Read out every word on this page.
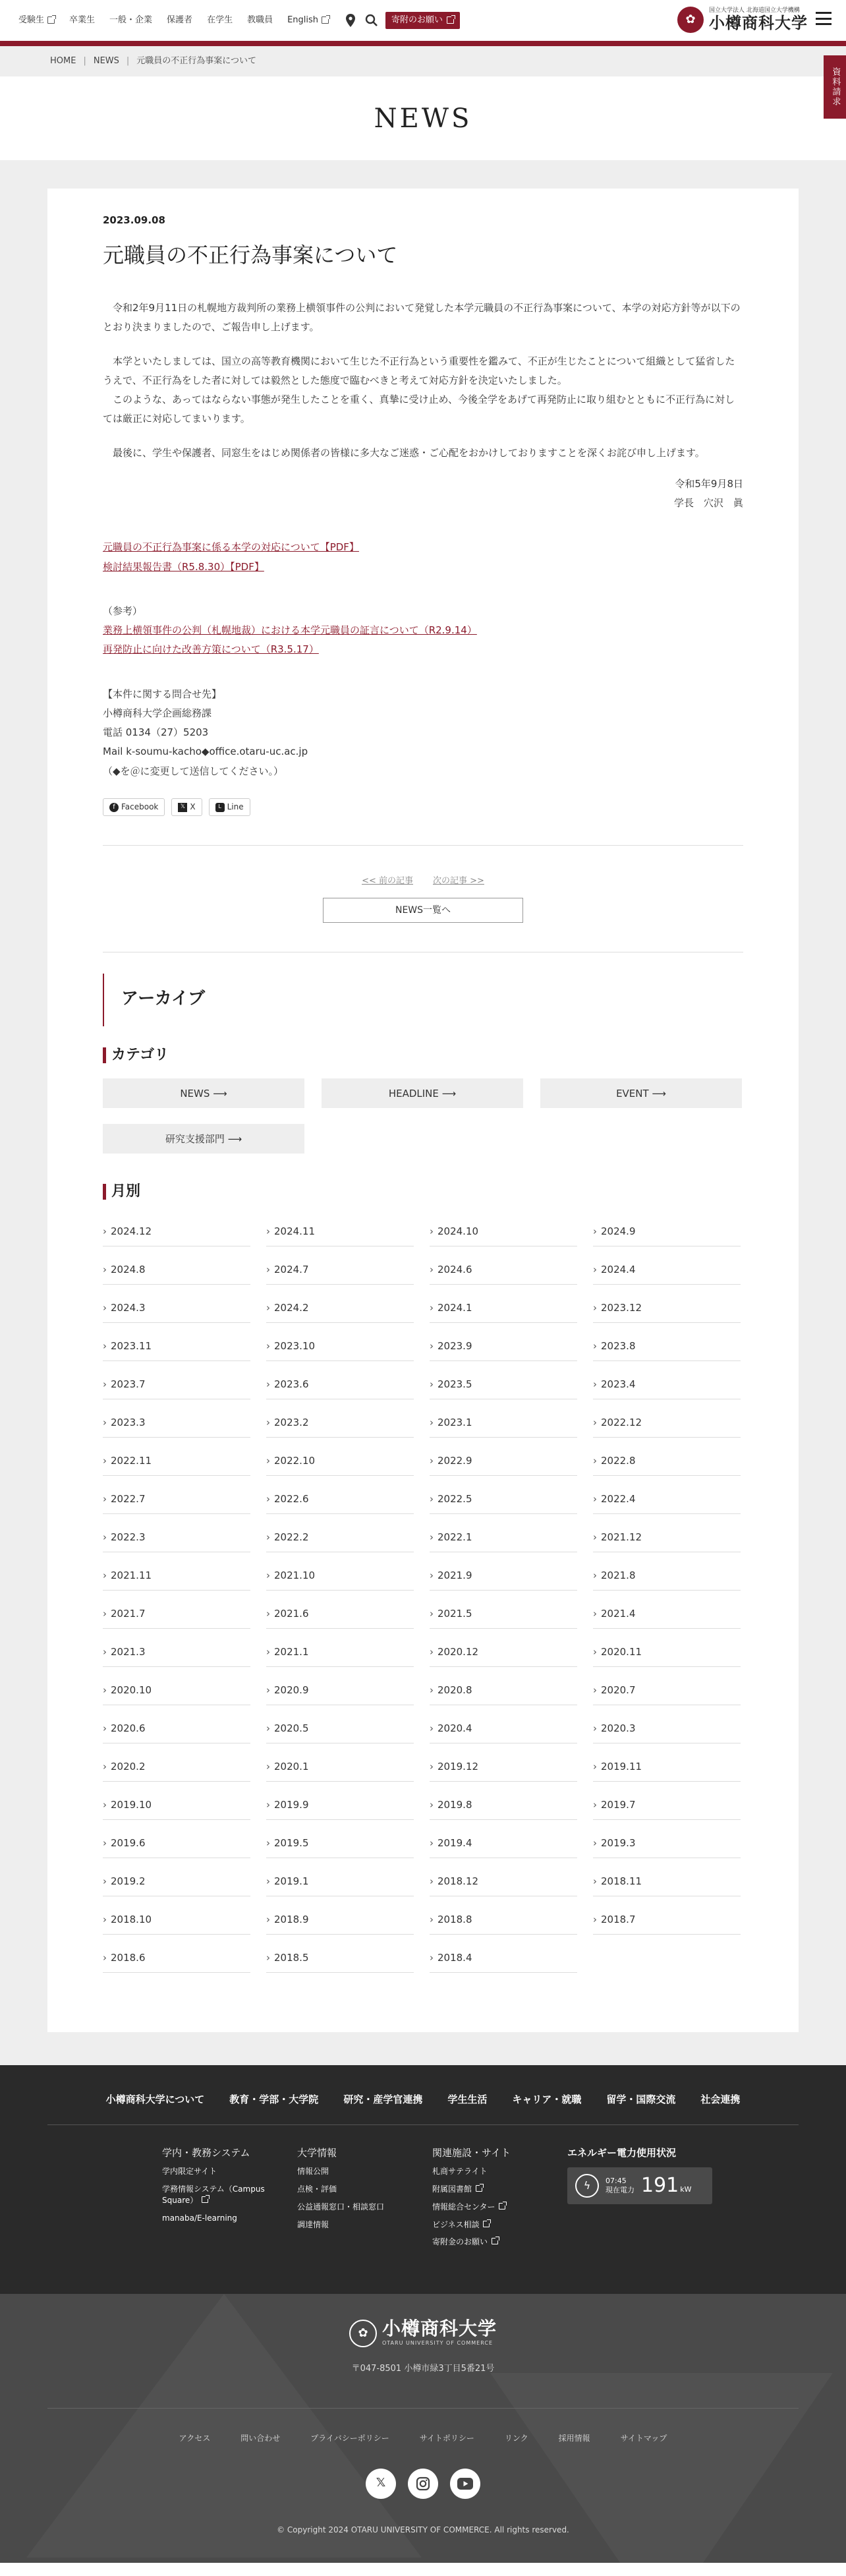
受験生	卒業生 一般・企業 保護者 在学生 教職員 English	寄附のお願い	✿
国立大学法人 北海道国立大学機構
小樽商科大学
資料請求
HOME | NEWS | 元職員の不正行為事案について
NEWS
2023.09.08
元職員の不正行為事案について

令和2年9月11日の札幌地方裁判所の業務上横領事件の公判において発覚した本学元職員の不正行為事案について、本学の対応方針等が以下のとおり決まりましたので、ご報告申し上げます。

本学といたしましては、国立の高等教育機関において生じた不正行為という重要性を鑑みて、不正が生じたことについて組織として猛省したうえで、不正行為をした者に対しては毅然とした態度で臨むべきと考えて対応方針を決定いたしました。

このような、あってはならない事態が発生したことを重く、真摯に受け止め、今後全学をあげて再発防止に取り組むとともに不正行為に対しては厳正に対応してまいります。

最後に、学生や保護者、同窓生をはじめ関係者の皆様に多大なご迷惑・ご心配をおかけしておりますことを深くお詫び申し上げます。

令和5年9月8日

学長　穴沢　眞

元職員の不正行為事案に係る本学の対応について【PDF】
検討結果報告書（R5.8.30）【PDF】

（参考）

業務上横領事件の公判（札幌地裁）における本学元職員の証言について（R2.9.14）
再発防止に向けた改善方策について（R3.5.17）

【本件に関する問合せ先】

小樽商科大学企画総務課

電話 0134（27）5203

Mail k-soumu-kacho◆office.otaru-uc.ac.jp

（◆を＠に変更して送信してください。）

f Facebook	𝕏 X	L Line
<< 前の記事 次の記事 >>
NEWS一覧へ
アーカイブ
カテゴリ
NEWS ⟶	HEADLINE ⟶	EVENT ⟶
研究支援部門 ⟶
月別
› 2024.12	› 2024.11	› 2024.10	› 2024.9
› 2024.8	› 2024.7	› 2024.6	› 2024.4
› 2024.3	› 2024.2	› 2024.1	› 2023.12
› 2023.11	› 2023.10	› 2023.9	› 2023.8
› 2023.7	› 2023.6	› 2023.5	› 2023.4
› 2023.3	› 2023.2	› 2023.1	› 2022.12
› 2022.11	› 2022.10	› 2022.9	› 2022.8
› 2022.7	› 2022.6	› 2022.5	› 2022.4
› 2022.3	› 2022.2	› 2022.1	› 2021.12
› 2021.11	› 2021.10	› 2021.9	› 2021.8
› 2021.7	› 2021.6	› 2021.5	› 2021.4
› 2021.3	› 2021.1	› 2020.12	› 2020.11
› 2020.10	› 2020.9	› 2020.8	› 2020.7
› 2020.6	› 2020.5	› 2020.4	› 2020.3
› 2020.2	› 2020.1	› 2019.12	› 2019.11
› 2019.10	› 2019.9	› 2019.8	› 2019.7
› 2019.6	› 2019.5	› 2019.4	› 2019.3
› 2019.2	› 2019.1	› 2018.12	› 2018.11
› 2018.10	› 2018.9	› 2018.8	› 2018.7
› 2018.6	› 2018.5	› 2018.4
小樽商科大学について	教育・学部・大学院	研究・産学官連携	学生生活	キャリア・就職	留学・国際交流	社会連携
学内・教務システム
学内限定サイト
学務情報システム（Campus Square）
manaba/E-learning
大学情報
情報公開
点検・評価
公益通報窓口・相談窓口
調達情報
関連施設・サイト
札商サテライト
附属図書館
情報総合センター
ビジネス相談
寄附金のお願い
エネルギー電力使用状況
ϟ	07:45
現在電力 191 kW
✿ 小樽商科大学
OTARU UNIVERSITY OF COMMERCE
〒047-8501 小樽市緑3丁目5番21号
アクセス	問い合わせ	プライバシーポリシー	サイトポリシー	リンク	採用情報	サイトマップ
𝕏
© Copyright 2024 OTARU UNIVERSITY OF COMMERCE. All rights reserved.
